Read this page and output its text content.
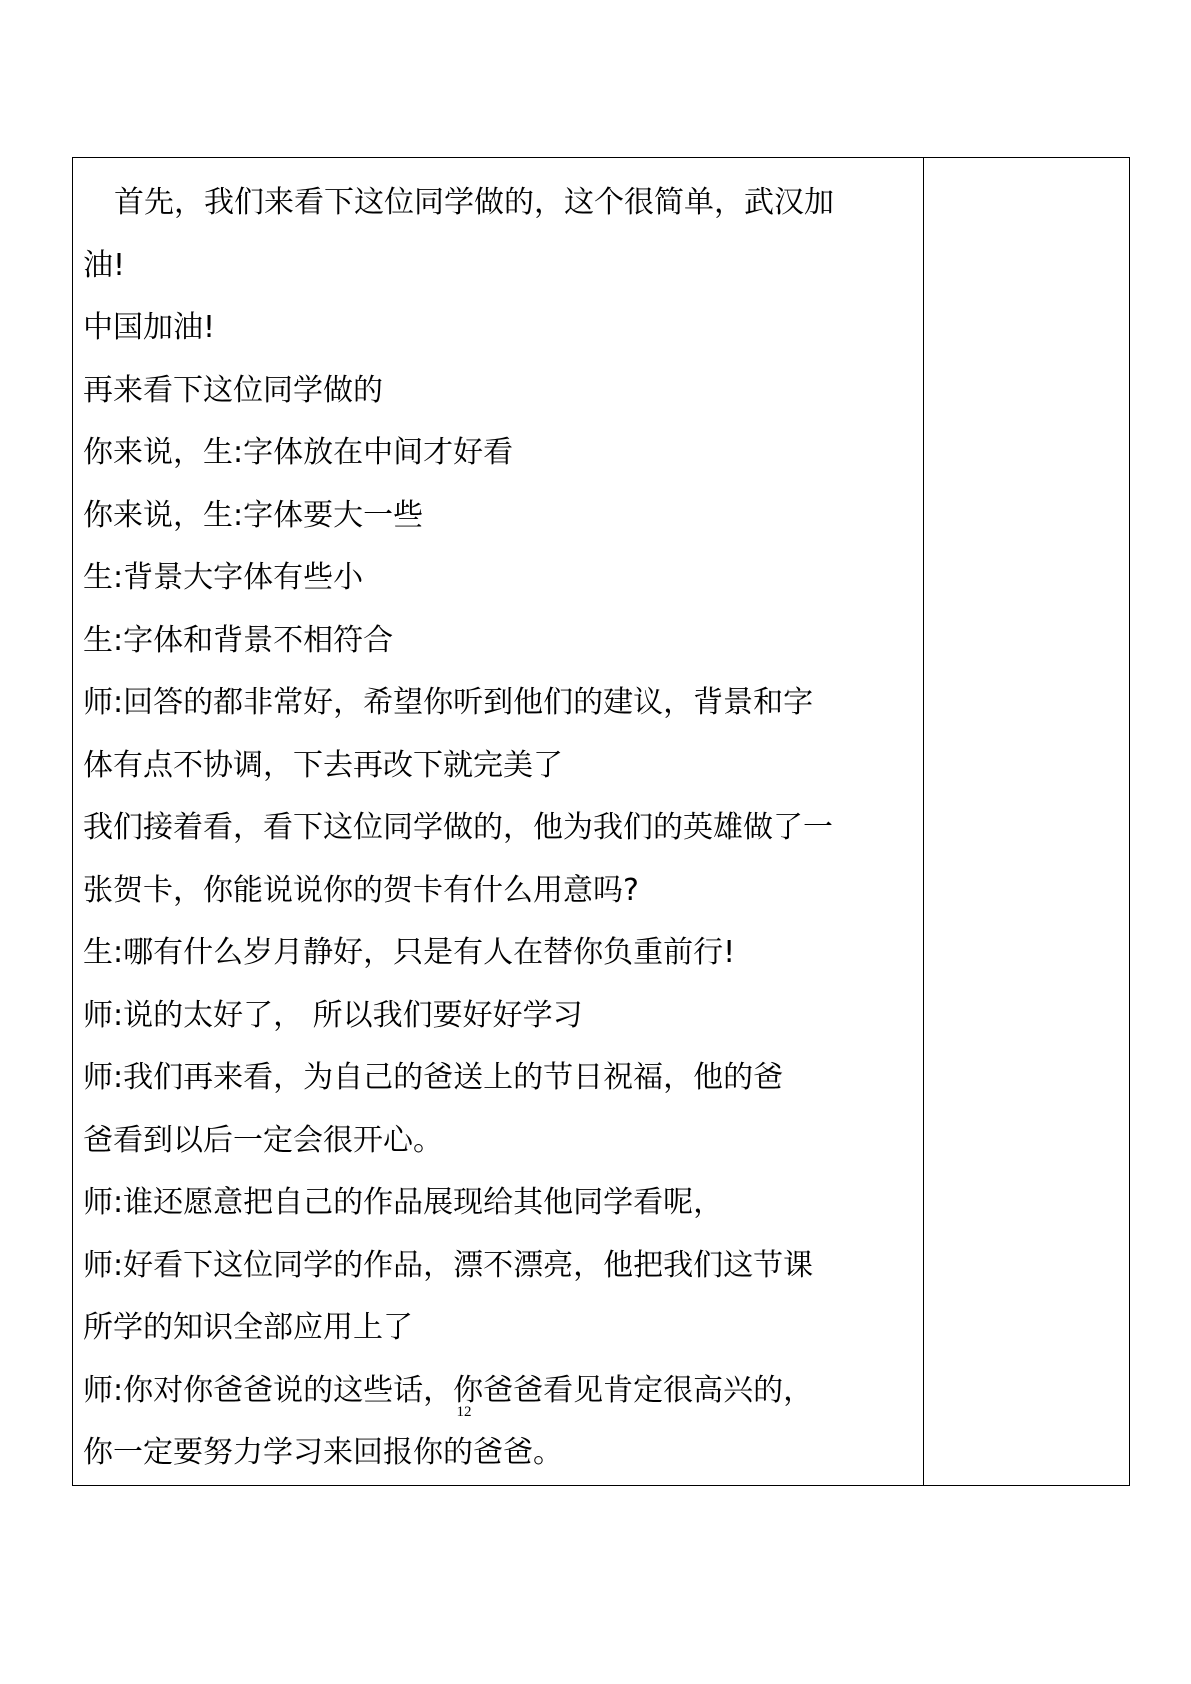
首先，我们来看下这位同学做的，这个很简单，武汉加
油!
中国加油!
再来看下这位同学做的
你来说，生:字体放在中间才好看
你来说，生:字体要大一些
生:背景大字体有些小
生:字体和背景不相符合
师:回答的都非常好，希望你听到他们的建议，背景和字
体有点不协调，下去再改下就完美了
我们接着看，看下这位同学做的，他为我们的英雄做了一
张贺卡，你能说说你的贺卡有什么用意吗?
生:哪有什么岁月静好，只是有人在替你负重前行!
师:说的太好了， 所以我们要好好学习
师:我们再来看，为自己的爸送上的节日祝福，他的爸
爸看到以后一定会很开心。
师:谁还愿意把自己的作品展现给其他同学看呢，
师:好看下这位同学的作品，漂不漂亮，他把我们这节课
所学的知识全部应用上了
师:你对你爸爸说的这些话，你爸爸看见肯定很高兴的，
你一定要努力学习来回报你的爸爸。

12
